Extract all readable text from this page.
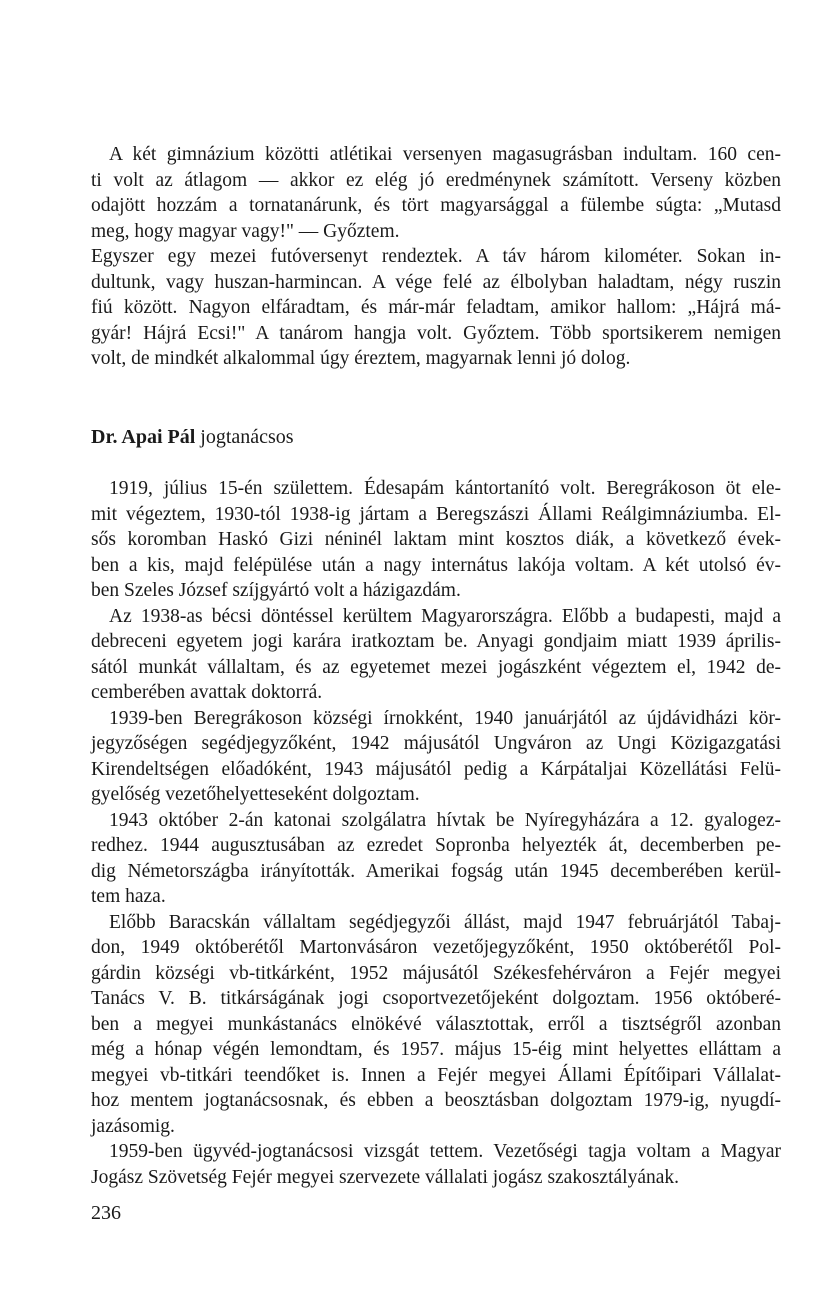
A két gimnázium közötti atlétikai versenyen magasugrásban indultam. 160 cen-
ti volt az átlagom — akkor ez elég jó eredménynek számított. Verseny közben
odajött hozzám a tornatanárunk, és tört magyarsággal a fülembe súgta: „Mutasd
meg, hogy magyar vagy!" — Győztem.
Egyszer egy mezei futóversenyt rendeztek. A táv három kilométer. Sokan in-
dultunk, vagy huszan-harmincan. A vége felé az élbolyban haladtam, négy ruszin
fiú között. Nagyon elfáradtam, és már-már feladtam, amikor hallom: „Hájrá má-
gyár! Hájrá Ecsi!" A tanárom hangja volt. Győztem. Több sportsikerem nemigen
volt, de mindkét alkalommal úgy éreztem, magyarnak lenni jó dolog.
Dr. Apai Pál jogtanácsos
1919, július 15-én születtem. Édesapám kántortanító volt. Beregrákoson öt ele-
mit végeztem, 1930-tól 1938-ig jártam a Beregszászi Állami Reálgimnáziumba. El-
sős koromban Haskó Gizi néninél laktam mint kosztos diák, a következő évek-
ben a kis, majd felépülése után a nagy internátus lakója voltam. A két utolsó év-
ben Szeles József szíjgyártó volt a házigazdám.
Az 1938-as bécsi döntéssel kerültem Magyarországra. Előbb a budapesti, majd a
debreceni egyetem jogi karára iratkoztam be. Anyagi gondjaim miatt 1939 április-
sától munkát vállaltam, és az egyetemet mezei jogászként végeztem el, 1942 de-
cemberében avattak doktorrá.
1939-ben Beregrákoson községi írnokként, 1940 januárjától az újdávidházi kör-
jegyzőségen segédjegyzőként, 1942 májusától Ungváron az Ungi Közigazgatási
Kirendeltségen előadóként, 1943 májusától pedig a Kárpátaljai Közellátási Felü-
gyelőség vezetőhelyetteseként dolgoztam.
1943 október 2-án katonai szolgálatra hívtak be Nyíregyházára a 12. gyalogez-
redhez. 1944 augusztusában az ezredet Sopronba helyezték át, decemberben pe-
dig Németországba irányították. Amerikai fogság után 1945 decemberében kerül-
tem haza.
Előbb Baracskán vállaltam segédjegyzői állást, majd 1947 februárjától Tabaj-
don, 1949 októberétől Martonvásáron vezetőjegyzőként, 1950 októberétől Pol-
gárdin községi vb-titkárként, 1952 májusától Székesfehérváron a Fejér megyei
Tanács V. B. titkárságának jogi csoportvezetőjeként dolgoztam. 1956 októberé-
ben a megyei munkástanács elnökévé választottak, erről a tisztségről azonban
még a hónap végén lemondtam, és 1957. május 15-éig mint helyettes elláttam a
megyei vb-titkári teendőket is. Innen a Fejér megyei Állami Építőipari Vállalat-
hoz mentem jogtanácsosnak, és ebben a beosztásban dolgoztam 1979-ig, nyugdí-
jazásomig.
1959-ben ügyvéd-jogtanácsosi vizsgát tettem. Vezetőségi tagja voltam a Magyar
Jogász Szövetség Fejér megyei szervezete vállalati jogász szakosztályának.
236
